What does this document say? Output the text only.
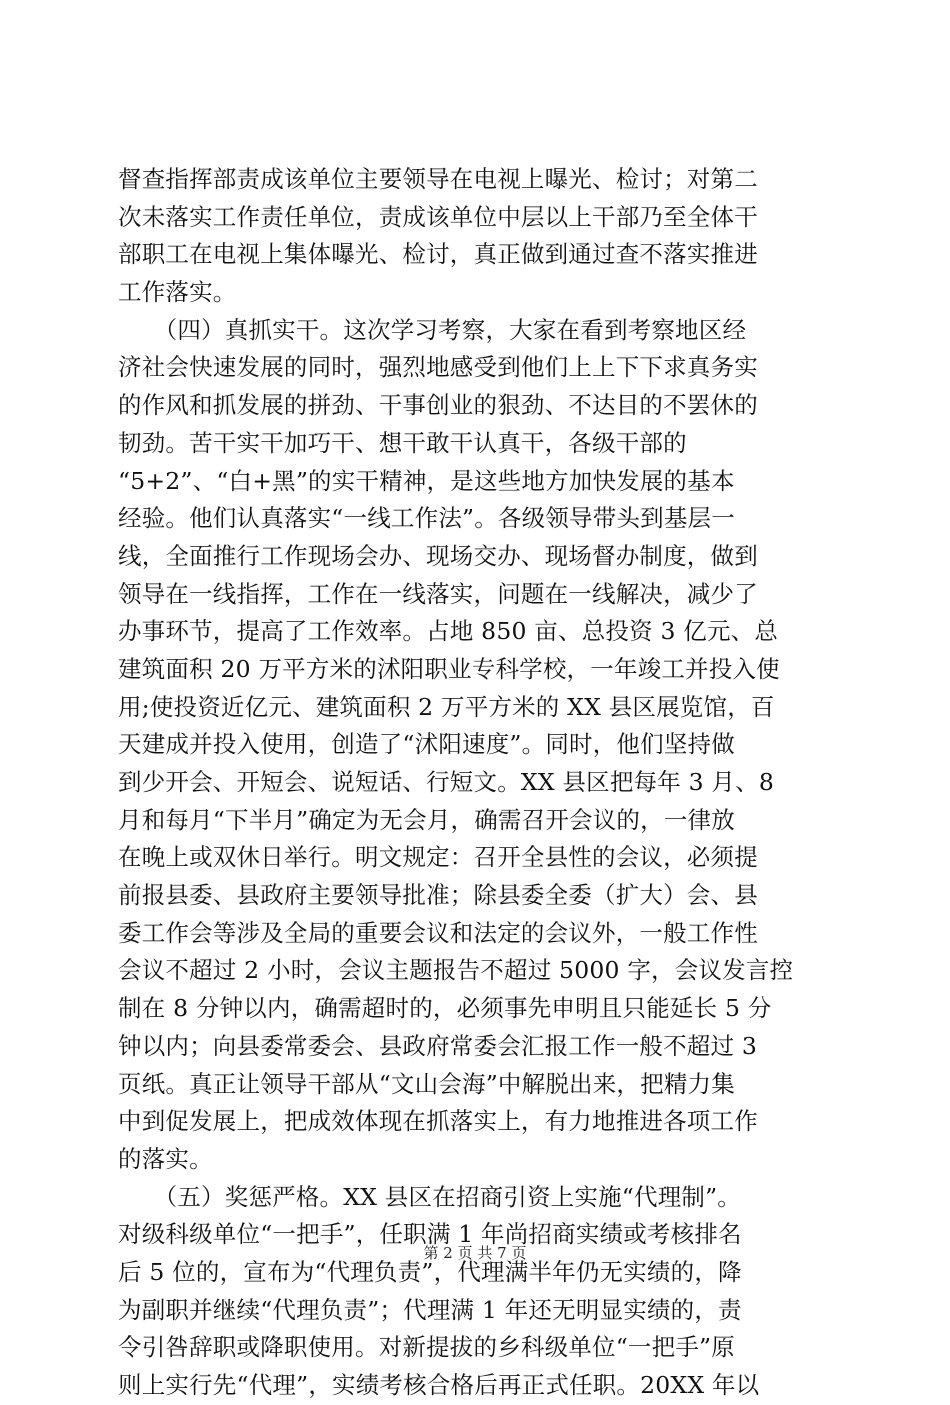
督查指挥部责成该单位主要领导在电视上曝光、检讨；对第二
次未落实工作责任单位，责成该单位中层以上干部乃至全体干
部职工在电视上集体曝光、检讨，真正做到通过查不落实推进
工作落实。
　　（四）真抓实干。这次学习考察，大家在看到考察地区经
济社会快速发展的同时，强烈地感受到他们上上下下求真务实
的作风和抓发展的拼劲、干事创业的狠劲、不达目的不罢休的
韧劲。苦干实干加巧干、想干敢干认真干，各级干部的
“5+2”、“白+黑”的实干精神，是这些地方加快发展的基本
经验。他们认真落实“一线工作法”。各级领导带头到基层一
线，全面推行工作现场会办、现场交办、现场督办制度，做到
领导在一线指挥，工作在一线落实，问题在一线解决，减少了
办事环节，提高了工作效率。占地 850 亩、总投资 3 亿元、总
建筑面积 20 万平方米的沭阳职业专科学校，一年竣工并投入使
用;使投资近亿元、建筑面积 2 万平方米的 XX 县区展览馆，百
天建成并投入使用，创造了“沭阳速度”。同时，他们坚持做
到少开会、开短会、说短话、行短文。XX 县区把每年 3 月、8
月和每月“下半月”确定为无会月，确需召开会议的，一律放
在晚上或双休日举行。明文规定：召开全县性的会议，必须提
前报县委、县政府主要领导批准；除县委全委（扩大）会、县
委工作会等涉及全局的重要会议和法定的会议外，一般工作性
会议不超过 2 小时，会议主题报告不超过 5000 字，会议发言控
制在 8 分钟以内，确需超时的，必须事先申明且只能延长 5 分
钟以内；向县委常委会、县政府常委会汇报工作一般不超过 3
页纸。真正让领导干部从“文山会海”中解脱出来，把精力集
中到促发展上，把成效体现在抓落实上，有力地推进各项工作
的落实。
　　（五）奖惩严格。XX 县区在招商引资上实施“代理制”。
对级科级单位“一把手”，任职满 1 年尚招商实绩或考核排名
后 5 位的，宣布为“代理负责”，代理满半年仍无实绩的，降
为副职并继续“代理负责”；代理满 1 年还无明显实绩的，责
令引咎辞职或降职使用。对新提拔的乡科级单位“一把手”原
则上实行先“代理”，实绩考核合格后再正式任职。20XX 年以
第 2 页 共 7 页
